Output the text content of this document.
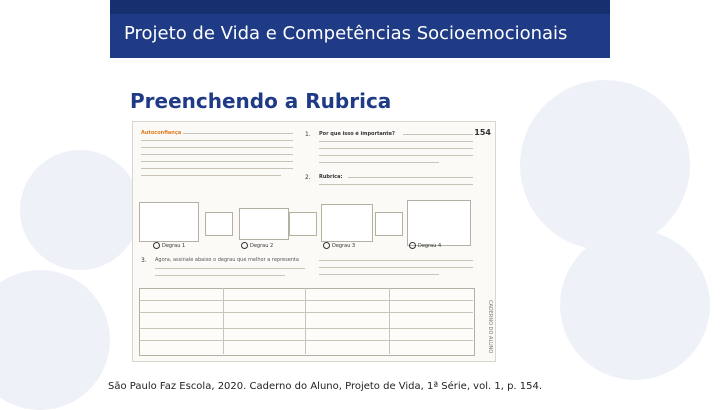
Projeto de Vida e Competências Socioemocionais
Preenchendo a Rubrica
154
CADERNO DO ALUNO
Autoconfiança	1. Por que isso é importante?
2. Rubrica:
Degrau 1	Degrau 2	Degrau 3	Degrau 4
3. Agora, assinale abaixo o degrau que melhor a representa
São Paulo Faz Escola, 2020. Caderno do Aluno, Projeto de Vida, 1ª Série, vol. 1, p. 154.
